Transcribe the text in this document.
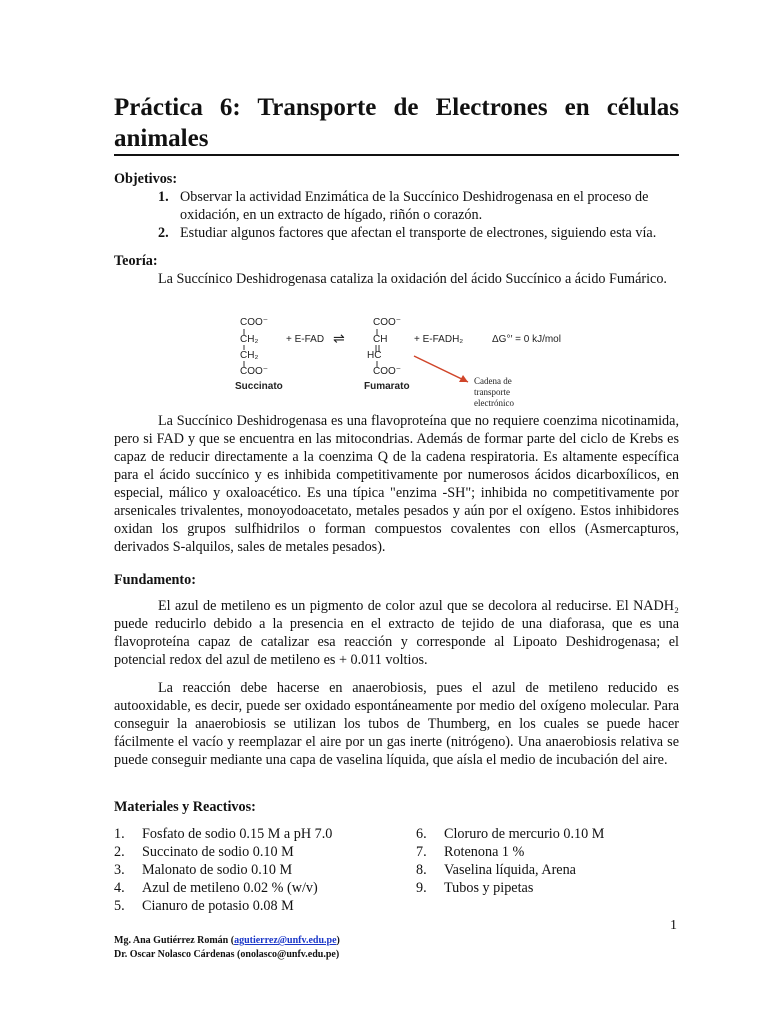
Práctica 6: Transporte de Electrones en células animales

Objetivos:

1. Observar la actividad Enzimática de la Succínico Deshidrogenasa en el proceso de oxidación, en un extracto de hígado, riñón o corazón.
2. Estudiar algunos factores que afectan el transporte de electrones, siguiendo esta vía.

Teoría:

La Succínico Deshidrogenasa cataliza la oxidación del ácido Succínico a ácido Fumárico.

La Succínico Deshidrogenasa es una flavoproteína que no requiere coenzima nicotinamida, pero si FAD y que se encuentra en las mitocondrias. Además de formar parte del ciclo de Krebs es capaz de reducir directamente a la coenzima Q de la cadena respiratoria. Es altamente específica para el ácido succínico y es inhibida competitivamente por numerosos ácidos dicarboxílicos, en especial, málico y oxaloacético. Es una típica "enzima -SH"; inhibida no competitivamente por arsenicales trivalentes, monoyodoacetato, metales pesados y aún por el oxígeno. Estos inhibidores oxidan los grupos sulfhidrilos o forman compuestos covalentes con ellos (Asmercapturos, derivados S-alquilos, sales de metales pesados).

Fundamento:

El azul de metileno es un pigmento de color azul que se decolora al reducirse. El NADH₂ puede reducirlo debido a la presencia en el extracto de tejido de una diaforasa, que es una flavoproteína capaz de catalizar esa reacción y corresponde al Lipoato Deshidrogenasa; el potencial redox del azul de metileno es + 0.011 voltios.

La reacción debe hacerse en anaerobiosis, pues el azul de metileno reducido es autooxidable, es decir, puede ser oxidado espontáneamente por medio del oxígeno molecular. Para conseguir la anaerobiosis se utilizan los tubos de Thumberg, en los cuales se puede hacer fácilmente el vacío y reemplazar el aire por un gas inerte (nitrógeno). Una anaerobiosis relativa se puede conseguir mediante una capa de vaselina líquida, que aísla el medio de incubación del aire.

Materiales y Reactivos:

1. Fosfato de sodio 0.15 M a pH 7.0
2. Succinato de sodio 0.10 M
3. Malonato de sodio 0.10 M
4. Azul de metileno 0.02 % (w/v)
5. Cianuro de potasio 0.08 M
6. Cloruro de mercurio 0.10 M
7. Rotenona 1 %
8. Vaselina líquida, Arena
9. Tubos y pipetas
1
Mg. Ana Gutiérrez Román (agutierrez@unfv.edu.pe)
Dr. Oscar Nolasco Cárdenas (onolasco@unfv.edu.pe)
COO⁻
CH₂
CH₂
COO⁻
Succinato
+ E-FAD ⇌
COO⁻
CH
HC
COO⁻
Fumarato
+ E-FADH₂	ΔG°′ = 0 kJ/mol
Cadena de
transporte
electrónico
